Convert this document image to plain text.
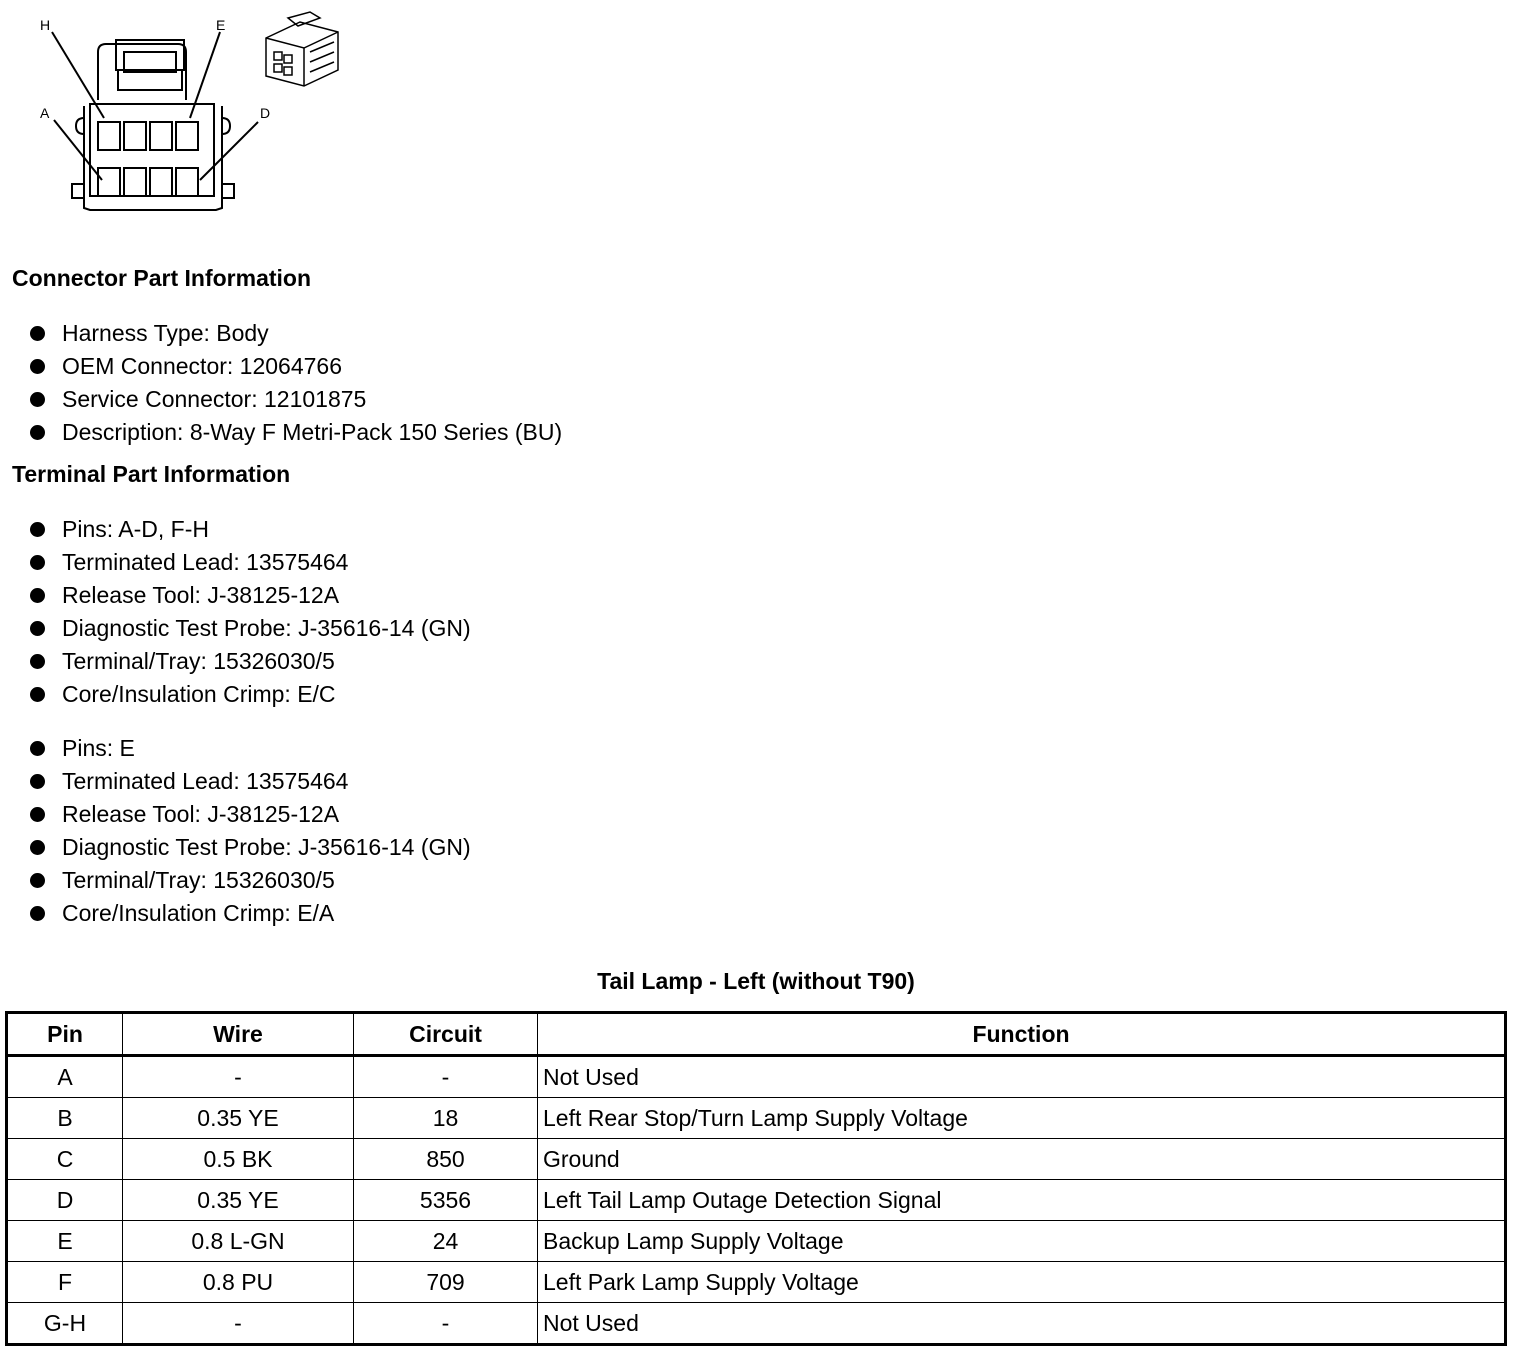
H	E
A	D
Connector Part Information
Harness Type: Body
OEM Connector: 12064766
Service Connector: 12101875
Description: 8-Way F Metri-Pack 150 Series (BU)
Terminal Part Information
Pins: A-D, F-H
Terminated Lead: 13575464
Release Tool: J-38125-12A
Diagnostic Test Probe: J-35616-14 (GN)
Terminal/Tray: 15326030/5
Core/Insulation Crimp: E/C
Pins: E
Terminated Lead: 13575464
Release Tool: J-38125-12A
Diagnostic Test Probe: J-35616-14 (GN)
Terminal/Tray: 15326030/5
Core/Insulation Crimp: E/A
Tail Lamp - Left (without T90)
Pin	Wire	Circuit	Function
A	-	-	Not Used
B	0.35 YE	18	Left Rear Stop/Turn Lamp Supply Voltage
C	0.5 BK	850	Ground
D	0.35 YE	5356	Left Tail Lamp Outage Detection Signal
E	0.8 L-GN	24	Backup Lamp Supply Voltage
F	0.8 PU	709	Left Park Lamp Supply Voltage
G-H	-	-	Not Used
